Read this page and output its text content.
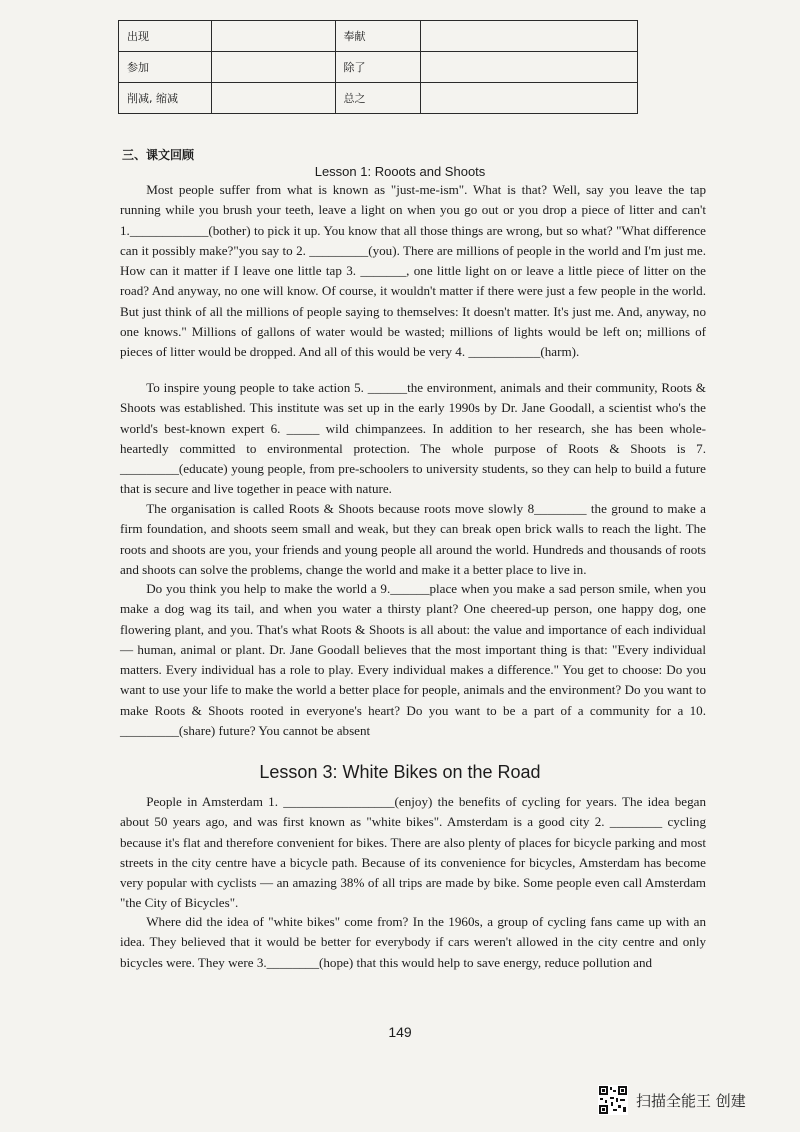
出现		奉献	
参加		除了	
削减, 缩减		总之	
三、课文回顾
Lesson 1: Rooots and Shoots

Most people suffer from what is known as "just-me-ism". What is that? Well, say you leave the tap running while you brush your teeth, leave a light on when you go out or you drop a piece of litter and can't 1.____________(bother) to pick it up. You know that all those things are wrong, but so what? "What difference can it possibly make?"you say to 2. _________(you). There are millions of people in the world and I'm just me. How can it matter if I leave one little tap 3. _______, one little light on or leave a little piece of litter on the road? And anyway, no one will know. Of course, it wouldn't matter if there were just a few people in the world. But just think of all the millions of people saying to themselves: It doesn't matter. It's just me. And, anyway, no one knows." Millions of gallons of water would be wasted; millions of lights would be left on; millions of pieces of litter would be dropped. And all of this would be very 4. ___________(harm).

To inspire young people to take action 5. ______the environment, animals and their community, Roots & Shoots was established. This institute was set up in the early 1990s by Dr. Jane Goodall, a scientist who's the world's best-known expert 6. _____ wild chimpanzees. In addition to her research, she has been whole-heartedly committed to environmental protection. The whole purpose of Roots & Shoots is 7. _________(educate) young people, from pre-schoolers to university students, so they can help to build a future that is secure and live together in peace with nature.

The organisation is called Roots & Shoots because roots move slowly 8________ the ground to make a firm foundation, and shoots seem small and weak, but they can break open brick walls to reach the light. The roots and shoots are you, your friends and young people all around the world. Hundreds and thousands of roots and shoots can solve the problems, change the world and make it a better place to live in.

Do you think you help to make the world a 9.______place when you make a sad person smile, when you make a dog wag its tail, and when you water a thirsty plant? One cheered-up person, one happy dog, one flowering plant, and you. That's what Roots & Shoots is all about: the value and importance of each individual — human, animal or plant. Dr. Jane Goodall believes that the most important thing is that: "Every individual matters. Every individual has a role to play. Every individual makes a difference." You get to choose: Do you want to use your life to make the world a better place for people, animals and the environment? Do you want to make Roots & Shoots rooted in everyone's heart? Do you want to be a part of a community for a 10. _________(share) future? You cannot be absent

Lesson 3: White Bikes on the Road

People in Amsterdam 1. _________________(enjoy) the benefits of cycling for years. The idea began about 50 years ago, and was first known as "white bikes". Amsterdam is a good city 2. ________ cycling because it's flat and therefore convenient for bikes. There are also plenty of places for bicycle parking and most streets in the city centre have a bicycle path. Because of its convenience for bicycles, Amsterdam has become very popular with cyclists — an amazing 38% of all trips are made by bike. Some people even call Amsterdam "the City of Bicycles".

Where did the idea of "white bikes" come from? In the 1960s, a group of cycling fans came up with an idea. They believed that it would be better for everybody if cars weren't allowed in the city centre and only bicycles were. They were 3.________(hope) that this would help to save energy, reduce pollution and

149
扫描全能王 创建
